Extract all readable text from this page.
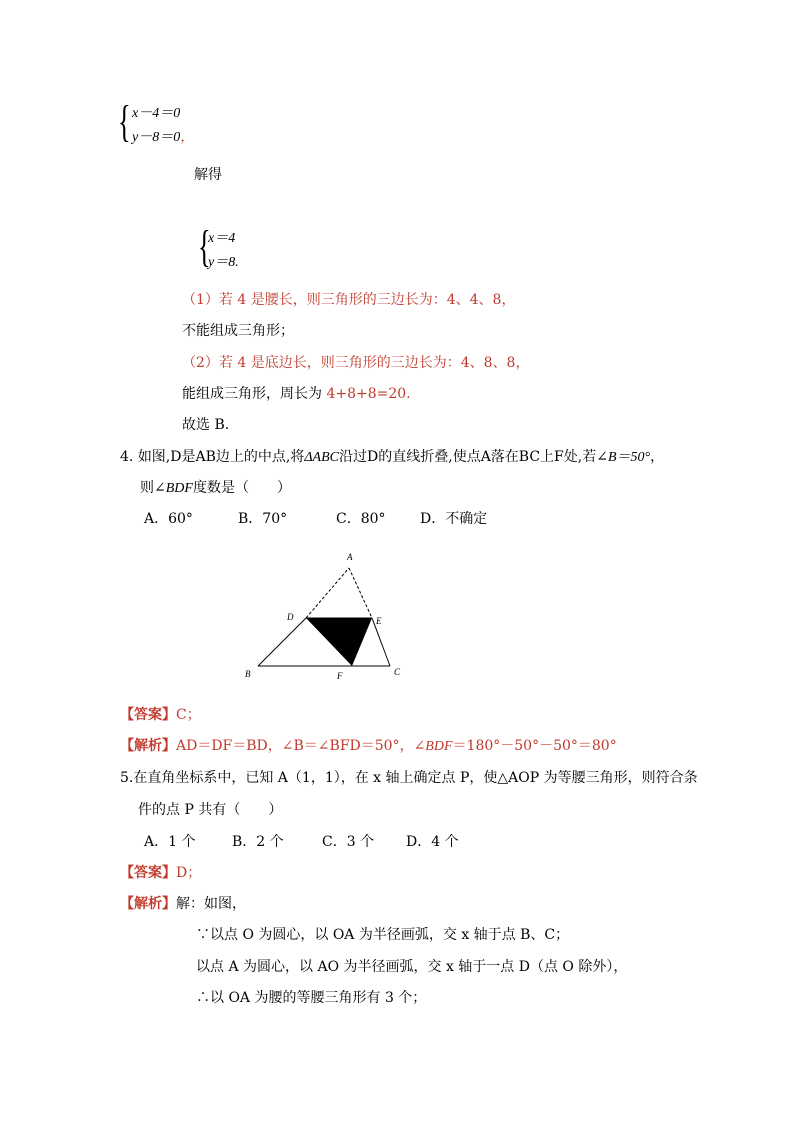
{ x－4＝0
y－8＝0，
解得
{
x＝4
y＝8.
（1）若 4 是腰长，则三角形的三边长为：4、4、8，
不能组成三角形；
（2）若 4 是底边长，则三角形的三边长为：4、8、8，
能组成三角形，周长为 4+8+8=20.
故选 B.
4. 如图,D是AB边上的中点,将ΔABC沿过D的直线折叠,使点A落在BC上F处,若∠B＝50°，
则∠BDF度数是（　　）
A．60°	B．70°	C．80° D．不确定
A
D	E
B	F	C
【答案】C；
【解析】AD＝DF＝BD，∠B＝∠BFD＝50°，∠BDF＝180°－50°－50°＝80°
5.在直角坐标系中，已知 A（1，1），在 x 轴上确定点 P，使△AOP 为等腰三角形，则符合条
件的点 P 共有（　　）
A．1 个	B．2 个	C．3 个 D．4 个
【答案】D；
【解析】解：如图，
∵以点 O 为圆心，以 OA 为半径画弧，交 x 轴于点 B、C；
以点 A 为圆心，以 AO 为半径画弧，交 x 轴于一点 D（点 O 除外），
∴以 OA 为腰的等腰三角形有 3 个；
